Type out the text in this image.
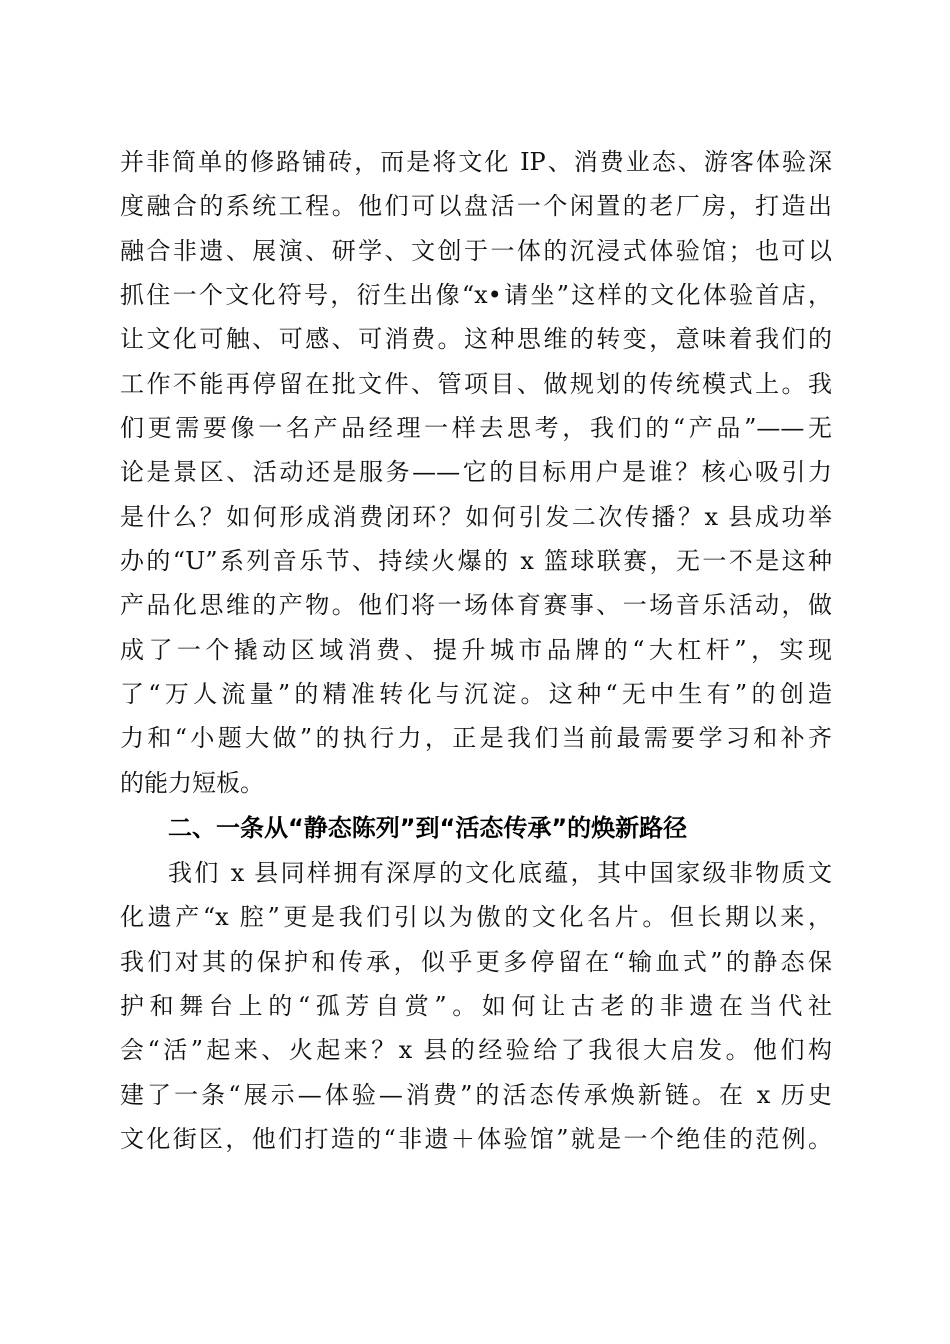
并非简单的修路铺砖，而是将文化 IP、消费业态、游客体验深
度融合的系统工程。他们可以盘活一个闲置的老厂房，打造出
融合非遗、展演、研学、文创于一体的沉浸式体验馆；也可以
抓住一个文化符号，衍生出像“x•请坐”这样的文化体验首店，
让文化可触、可感、可消费。这种思维的转变，意味着我们的
工作不能再停留在批文件、管项目、做规划的传统模式上。我
们更需要像一名产品经理一样去思考，我们的“产品”——无
论是景区、活动还是服务——它的目标用户是谁？核心吸引力
是什么？如何形成消费闭环？如何引发二次传播？x 县成功举
办的“U”系列音乐节、持续火爆的 x 篮球联赛，无一不是这种
产品化思维的产物。他们将一场体育赛事、一场音乐活动，做
成了一个撬动区域消费、提升城市品牌的“大杠杆”，实现
了“万人流量”的精准转化与沉淀。这种“无中生有”的创造
力和“小题大做”的执行力，正是我们当前最需要学习和补齐
的能力短板。
二、一条从“静态陈列”到“活态传承”的焕新路径
我们 x 县同样拥有深厚的文化底蕴，其中国家级非物质文
化遗产“x 腔”更是我们引以为傲的文化名片。但长期以来，
我们对其的保护和传承，似乎更多停留在“输血式”的静态保
护和舞台上的“孤芳自赏”。如何让古老的非遗在当代社
会“活”起来、火起来？x 县的经验给了我很大启发。他们构
建了一条“展示—体验—消费”的活态传承焕新链。在 x 历史
文化街区，他们打造的“非遗＋体验馆”就是一个绝佳的范例。
